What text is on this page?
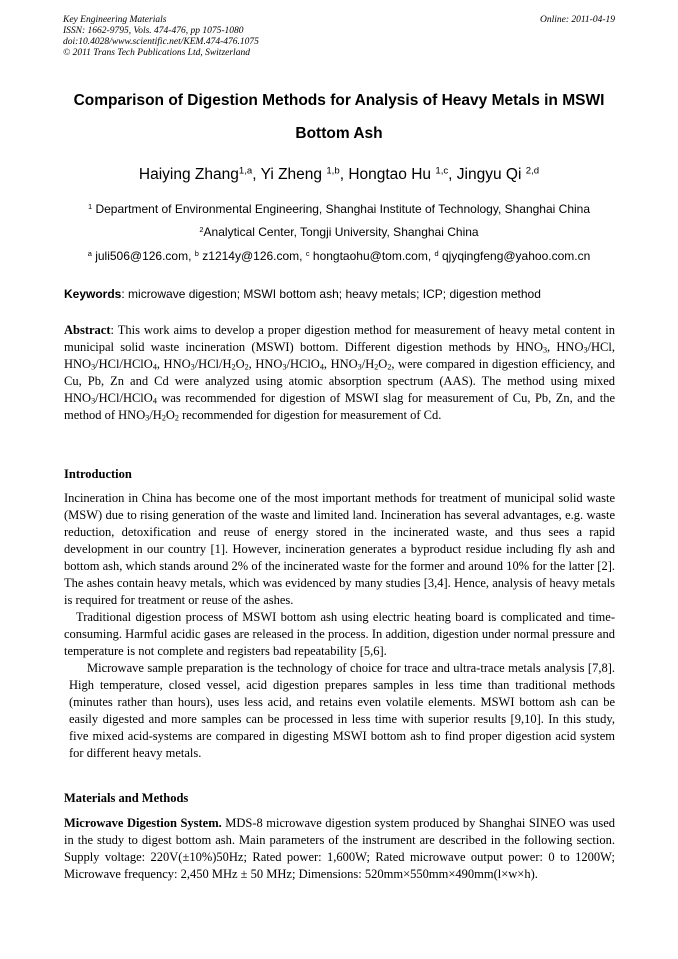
Key Engineering Materials
ISSN: 1662-9795, Vols. 474-476, pp 1075-1080
doi:10.4028/www.scientific.net/KEM.474-476.1075
© 2011 Trans Tech Publications Ltd, Switzerland
Online: 2011-04-19
Comparison of Digestion Methods for Analysis of Heavy Metals in MSWI
Bottom Ash
Haiying Zhang$^{1,a}$, Yi Zheng $^{1,b}$, Hongtao Hu $^{1,c}$, Jingyu Qi $^{2,d}$
$^1$ Department of Environmental Engineering, Shanghai Institute of Technology, Shanghai China
$^2$Analytical Center, Tongji University, Shanghai China
$^a$ juli506@126.com, $^b$ z1214y@126.com, $^c$ hongtaohu@tom.com, $^d$ qjyqingfeng@yahoo.com.cn
Keywords: microwave digestion; MSWI bottom ash; heavy metals; ICP; digestion method

Abstract: This work aims to develop a proper digestion method for measurement of heavy metal content in municipal solid waste incineration (MSWI) bottom. Different digestion methods by $HNO_3$, $HNO_3$/HCl, $HNO_3/HCl/HClO_4$, $HNO_3/HCl/H_2O_2$, $HNO_3/HClO_4$, $HNO_3/H_2O_2$, were compared in digestion efficiency, and Cu, Pb, Zn and Cd were analyzed using atomic absorption spectrum (AAS). The method using mixed $HNO_3/HCl/HClO_4$ was recommended for digestion of MSWI slag for measurement of Cu, Pb, Zn, and the method of $HNO_3/H_2O_2$ recommended for digestion for measurement of Cd.

Introduction

Incineration in China has become one of the most important methods for treatment of municipal solid waste (MSW) due to rising generation of the waste and limited land. Incineration has several advantages, e.g. waste reduction, detoxification and reuse of energy stored in the incinerated waste, and thus sees a rapid development in our country [1]. However, incineration generates a byproduct residue including fly ash and bottom ash, which stands around 2% of the incinerated waste for the former and around 10% for the latter [2]. The ashes contain heavy metals, which was evidenced by many studies [3,4]. Hence, analysis of heavy metals is required for treatment or reuse of the ashes.

Traditional digestion process of MSWI bottom ash using electric heating board is complicated and time-consuming. Harmful acidic gases are released in the process. In addition, digestion under normal pressure and temperature is not complete and registers bad repeatability [5,6].

Microwave sample preparation is the technology of choice for trace and ultra-trace metals analysis [7,8]. High temperature, closed vessel, acid digestion prepares samples in less time than traditional methods (minutes rather than hours), uses less acid, and retains even volatile elements. MSWI bottom ash can be easily digested and more samples can be processed in less time with superior results [9,10]. In this study, five mixed acid-systems are compared in digesting MSWI bottom ash to find proper digestion acid system for different heavy metals.

Materials and Methods

Microwave Digestion System. MDS-8 microwave digestion system produced by Shanghai SINEO was used in the study to digest bottom ash. Main parameters of the instrument are described in the following section. Supply voltage: 220V(±10%)50Hz; Rated power: 1,600W; Rated microwave output power: 0 to 1200W; Microwave frequency: 2,450 MHz ± 50 MHz; Dimensions: 520mm×550mm×490mm(l×w×h).
